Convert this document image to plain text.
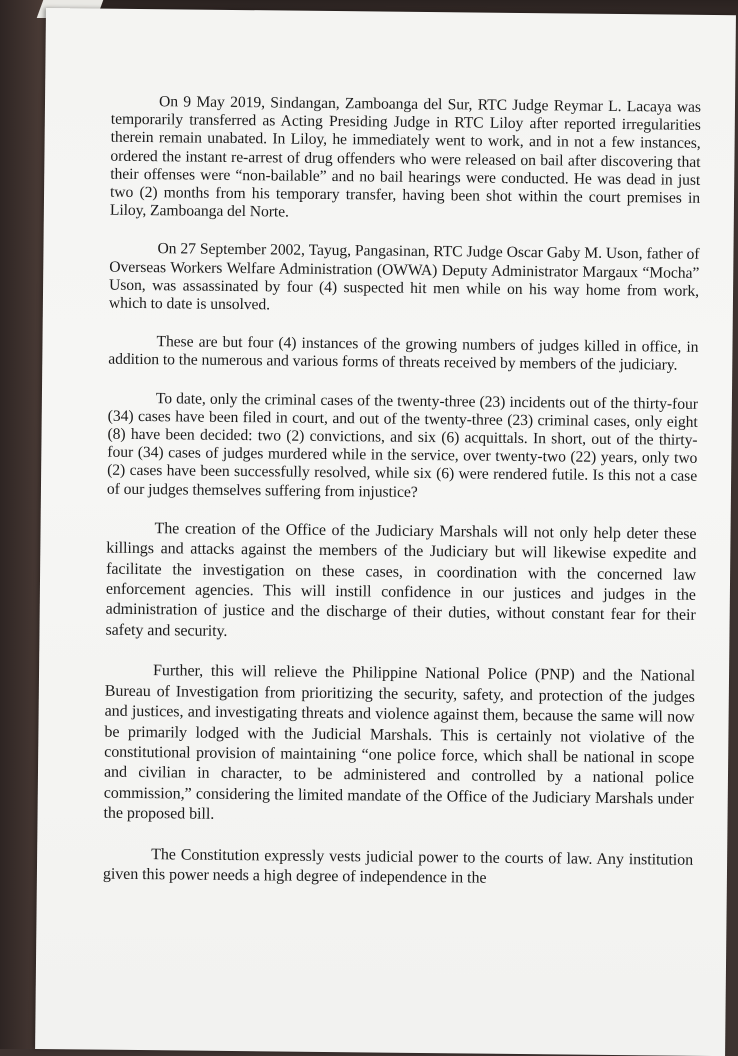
On 9 May 2019, Sindangan, Zamboanga del Sur, RTC Judge Reymar L. Lacaya was temporarily transferred as Acting Presiding Judge in RTC Liloy after reported irregularities therein remain unabated. In Liloy, he immediately went to work, and in not a few instances, ordered the instant re-arrest of drug offenders who were released on bail after discovering that their offenses were “non-bailable” and no bail hearings were conducted. He was dead in just two (2) months from his temporary transfer, having been shot within the court premises in Liloy, Zamboanga del Norte.

On 27 September 2002, Tayug, Pangasinan, RTC Judge Oscar Gaby M. Uson, father of Overseas Workers Welfare Administration (OWWA) Deputy Administrator Margaux “Mocha” Uson, was assassinated by four (4) suspected hit men while on his way home from work, which to date is unsolved.

These are but four (4) instances of the growing numbers of judges killed in office, in addition to the numerous and various forms of threats received by members of the judiciary.

To date, only the criminal cases of the twenty-three (23) incidents out of the thirty-four (34) cases have been filed in court, and out of the twenty-three (23) criminal cases, only eight (8) have been decided: two (2) convictions, and six (6) acquittals. In short, out of the thirty-four (34) cases of judges murdered while in the service, over twenty-two (22) years, only two (2) cases have been successfully resolved, while six (6) were rendered futile. Is this not a case of our judges themselves suffering from injustice?

The creation of the Office of the Judiciary Marshals will not only help deter these killings and attacks against the members of the Judiciary but will likewise expedite and facilitate the investigation on these cases, in coordination with the concerned law enforcement agencies. This will instill confidence in our justices and judges in the administration of justice and the discharge of their duties, without constant fear for their safety and security.

Further, this will relieve the Philippine National Police (PNP) and the National Bureau of Investigation from prioritizing the security, safety, and protection of the judges and justices, and investigating threats and violence against them, because the same will now be primarily lodged with the Judicial Marshals. This is certainly not violative of the constitutional provision of maintaining “one police force, which shall be national in scope and civilian in character, to be administered and controlled by a national police commission,” considering the limited mandate of the Office of the Judiciary Marshals under the proposed bill.

The Constitution expressly vests judicial power to the courts of law. Any institution given this power needs a high degree of independence in the
